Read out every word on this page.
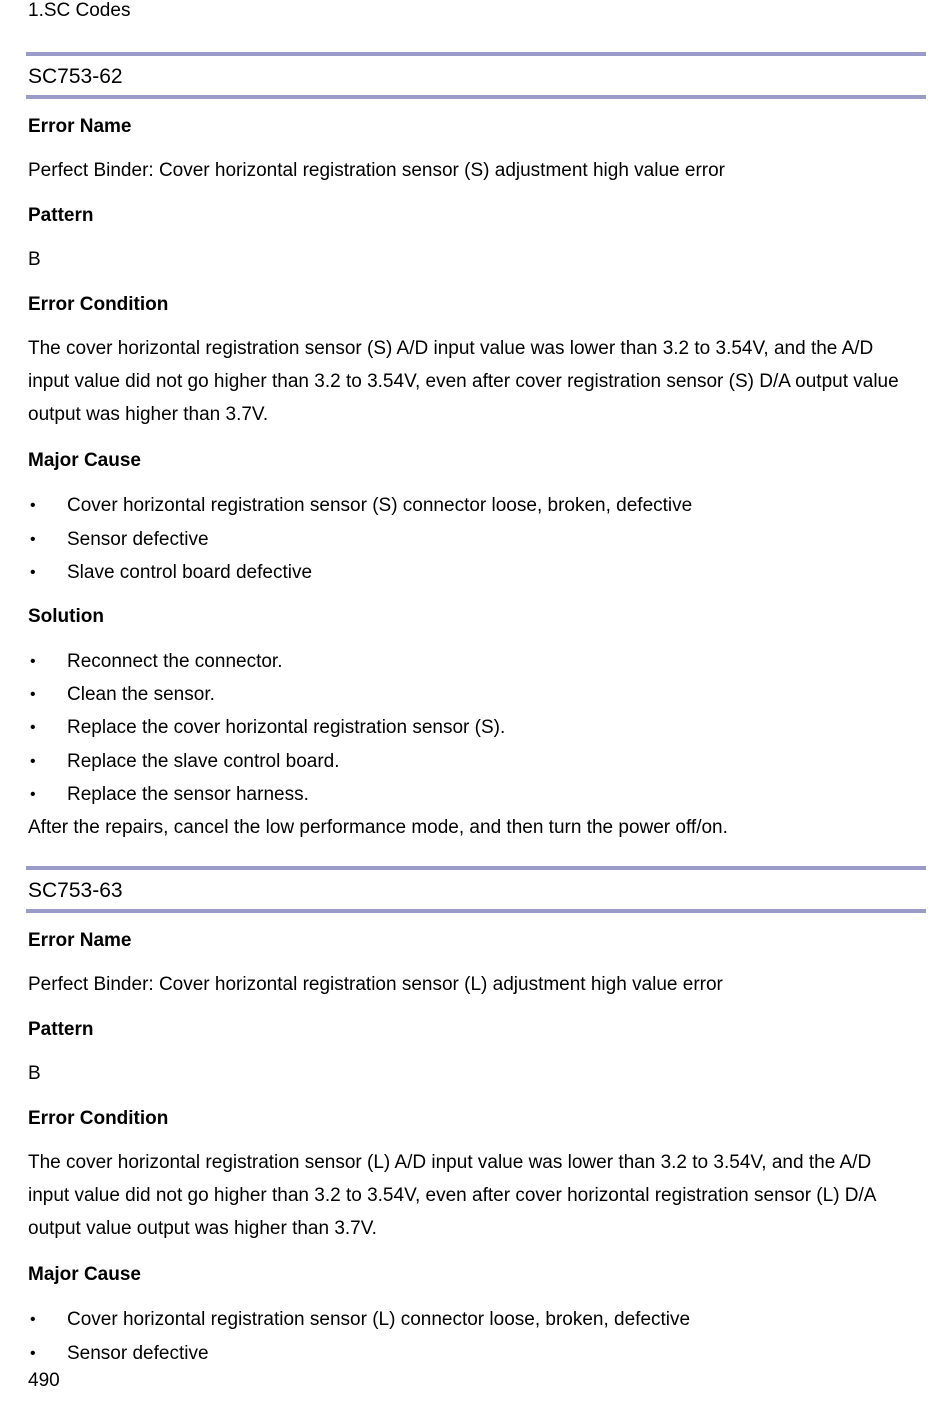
1.SC Codes
SC753-62
Error Name
Perfect Binder: Cover horizontal registration sensor (S) adjustment high value error
Pattern
B
Error Condition
The cover horizontal registration sensor (S) A/D input value was lower than 3.2 to 3.54V, and the A/D
input value did not go higher than 3.2 to 3.54V, even after cover registration sensor (S) D/A output value
output was higher than 3.7V.
Major Cause
•	Cover horizontal registration sensor (S) connector loose, broken, defective
•	Sensor defective
•	Slave control board defective
Solution
•	Reconnect the connector.
•	Clean the sensor.
•	Replace the cover horizontal registration sensor (S).
•	Replace the slave control board.
•	Replace the sensor harness.
After the repairs, cancel the low performance mode, and then turn the power off/on.
SC753-63
Error Name
Perfect Binder: Cover horizontal registration sensor (L) adjustment high value error
Pattern
B
Error Condition
The cover horizontal registration sensor (L) A/D input value was lower than 3.2 to 3.54V, and the A/D
input value did not go higher than 3.2 to 3.54V, even after cover horizontal registration sensor (L) D/A
output value output was higher than 3.7V.
Major Cause
•	Cover horizontal registration sensor (L) connector loose, broken, defective
•	Sensor defective
490
